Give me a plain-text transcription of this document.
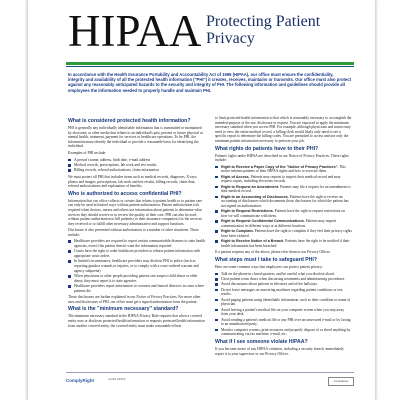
HIPAA Protecting Patient Privacy
In accordance with the Health Insurance Portability and Accountability Act of 1996 (HIPAA), our office must ensure the confidentiality, integrity and availability of all the protected health information ("PHI") it creates, receives, maintains or transmits. Our office must also protect against any reasonably anticipated hazards to the security and integrity of PHI. The following information and guidelines should provide all employees the information needed to properly handle and maintain PHI.
What is considered protected health information?
PHI is generally any individually identifiable information that is transmitted or maintained by electronic or other media that relates to an individual's past, present or future physical or mental health, treatment, payment for services or healthcare operations. To be PHI, the information must identify the individual or provide a reasonable basis for identifying the individual.
Examples of PHI include:
A person's name, address, birth date, e-mail address
Medical records, prescriptions, lab work and test results
Billing records, referral authorizations, claim information
We must protect all PHI that includes items such as medical records, diagnoses, X-rays, photos and images, prescriptions, lab work and test results, billing records, claim data, referral authorizations and explanation of benefits.
Who is authorized to access confidential PHI?
Information that our office collects or creates that relates to patient health or to patient care can only be used in limited ways without patient authorization. Patient authorization isn't required when doctors, nurses and others use information about patients to determine what services they should receive or to review the quality of their care. PHI can also be used without patient authorization to bill patients (or their insurance companies) for the services they received or to fulfill other necessary administrative and support functions.
Disclosure is also prevented without authorization to a number of other situations. These include:
Healthcare providers are required to report certain communicable diseases to state health agencies, even if the patient doesn't want the information reported
Courts have the right to order healthcare providers to release patient information with appropriate court orders
In limited circumstances, healthcare providers may disclose PHI to police (such as reporting gunshot wounds or injuries, or to comply with a court-ordered warrant and agency subpoena)
When physicians or other people providing patient care suspect child abuse or elder abuse, they must report it to state agencies
Healthcare providers report information to coroners and funeral directors in cases where patients die
These disclosures are further explained in our Notice of Privacy Practices. For more other uses and disclosures of PHI, our office must get a signed authorization from the patient.
What is the "minimum necessary" standard?
The minimum necessary standard in the HIPAA Privacy Rule requires that when a covered entity uses or discloses protected health information or requests protected health information from another covered entity, the covered entity must make reasonable efforts
to limit protected health information to that which is reasonably necessary to accomplish the intended purpose of the use, disclosure or request. You are expected to apply the minimum necessary standard when you access PHI. For example, although physicians and nurses may need to view the entire medical record, a billing clerk would likely only need to see a specific report to determine the billing codes. You are permitted to access and use only the minimum patient information necessary to perform your job.
What rights do patients have to their PHI?
Patients' rights under HIPAA are described in our Notice of Privacy Practices. These rights include:
Right to Receive a Paper Copy of the "Notice of Privacy Practices". This notice informs patients of their HIPAA rights and how to exercise them.
Right of Access. Patients may request to inspect their medical record and may request copies, including electronic records.
Right to Request an Amendment. Patients may file a request for an amendment to their medical record.
Right to an Accounting of Disclosures. Patients have the right to receive an accounting of disclosures which documents those disclosures for which the patient has not signed an authorization.
Right to Request Restrictions. Patients have the right to request restrictions on how we will communicate with them.
Right to Request Confidential Communications. Patients may request communication in different ways or at different locations.
Right to Complain. Patients have the right to complain if they feel their privacy rights have been violated.
Right to Receive Notice of a Breach. Patients have the right to be notified if their health information has been breached.
If a patient requests any of the above, please refer them to our Privacy Officer.
What steps must I take to safeguard PHI?
Here are some common ways that employees can protect patient privacy:
Talk on the phone in closed quarters, and be careful what you disclose aloud.
Close patient room doors when discussing treatments and administering procedures.
Avoid discussions about patients in elevators and office hallways.
Do not leave messages on answering machines regarding patient conditions or test results.
Avoid paging patients using identifiable information, such as their condition or name of physician.
Avoid leaving a patient's medical file on your computer screen when you step away from your desk.
Avoid sending a patient's medical file or any PHI over an unsecured e-mail or by faxing to an unauthorized party.
Monitor computer screens, print resources and properly dispose of or shred anything by communicating via fax machine, e-mail, etc.
What if I see someone violate HIPAA?
If you become aware of any HIPAA violation, including a security breach, immediately report it to your supervisor or our Privacy Officer.
ComplyRight	A2181 HP201	Compliance
